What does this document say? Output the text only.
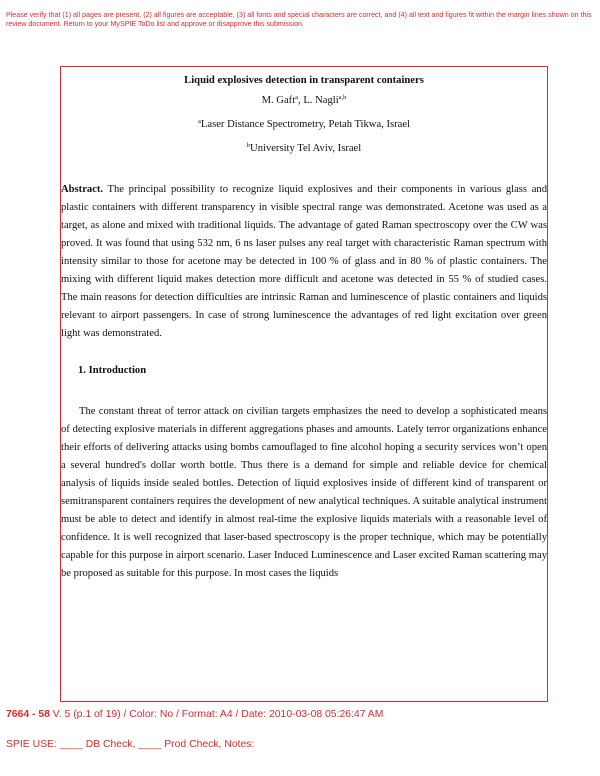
Please verify that (1) all pages are present, (2) all figures are acceptable, (3) all fonts and special characters are correct, and (4) all text and figures fit within the margin lines shown on this review document. Return to your MySPIE ToDo list and approve or disapprove this submission.

Liquid explosives detection in transparent containers

M. Gaft$^a$, L. Nagli$^{a,b}$

$^a$Laser Distance Spectrometry, Petah Tikwa, Israel

$^b$University Tel Aviv, Israel

Abstract. The principal possibility to recognize liquid explosives and their components in various glass and plastic containers with different transparency in visible spectral range was demonstrated. Acetone was used as a target, as alone and mixed with traditional liquids. The advantage of gated Raman spectroscopy over the CW was proved. It was found that using 532 nm, 6 ns laser pulses any real target with characteristic Raman spectrum with intensity similar to those for acetone may be detected in 100 % of glass and in 80 % of plastic containers. The mixing with different liquid makes detection more difficult and acetone was detected in 55 % of studied cases. The main reasons for detection difficulties are intrinsic Raman and luminescence of plastic containers and liquids relevant to airport passengers. In case of strong luminescence the advantages of red light excitation over green light was demonstrated.

1. Introduction

The constant threat of terror attack on civilian targets emphasizes the need to develop a sophisticated means of detecting explosive materials in different aggregations phases and amounts. Lately terror organizations enhance their efforts of delivering attacks using bombs camouflaged to fine alcohol hoping a security services won’t open a several hundred's dollar worth bottle. Thus there is a demand for simple and reliable device for chemical analysis of liquids inside sealed bottles. Detection of liquid explosives inside of different kind of transparent or semitransparent containers requires the development of new analytical techniques. A suitable analytical instrument must be able to detect and identify in almost real-time the explosive liquids materials with a reasonable level of confidence. It is well recognized that laser-based spectroscopy is the proper technique, which may be potentially capable for this purpose in airport scenario. Laser Induced Luminescence and Laser excited Raman scattering may be proposed as suitable for this purpose. In most cases the liquids

7664 - 58 V. 5 (p.1 of 19) / Color: No / Format: A4 / Date: 2010-03-08 05:26:47 AM

SPIE USE: ____ DB Check, ____ Prod Check, Notes:
